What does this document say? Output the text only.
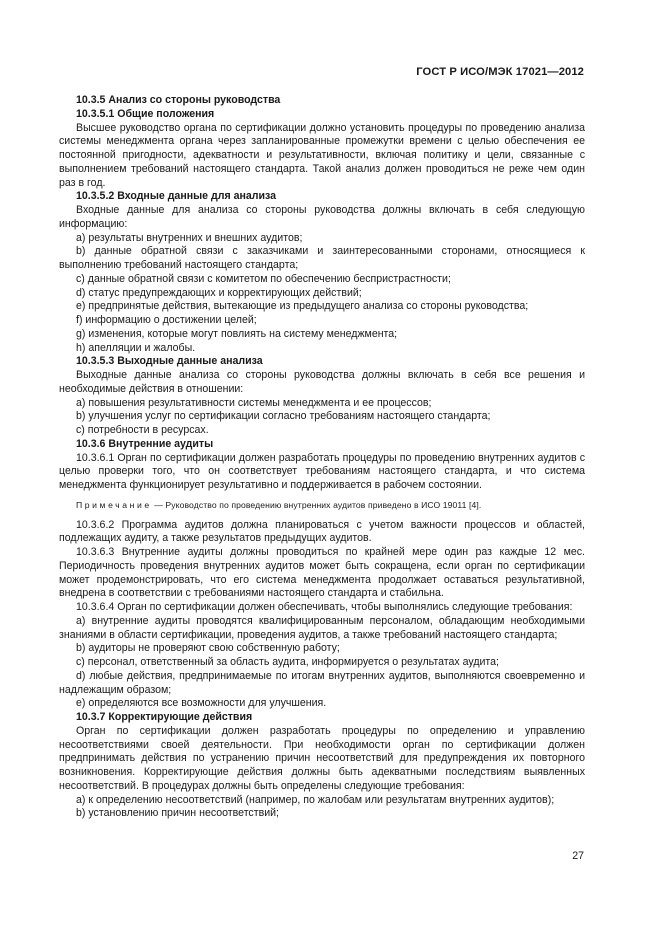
ГОСТ Р ИСО/МЭК 17021—2012

10.3.5 Анализ со стороны руководства

10.3.5.1 Общие положения

Высшее руководство органа по сертификации должно установить процедуры по проведению анализа системы менеджмента органа через запланированные промежутки времени с целью обеспечения ее постоянной пригодности, адекватности и результативности, включая политику и цели, связанные с выполнением требований настоящего стандарта. Такой анализ должен проводиться не реже чем один раз в год.

10.3.5.2 Входные данные для анализа

Входные данные для анализа со стороны руководства должны включать в себя следующую информацию:

a) результаты внутренних и внешних аудитов;

b) данные обратной связи с заказчиками и заинтересованными сторонами, относящиеся к выполнению требований настоящего стандарта;

c) данные обратной связи с комитетом по обеспечению беспристрастности;

d) статус предупреждающих и корректирующих действий;

e) предпринятые действия, вытекающие из предыдущего анализа со стороны руководства;

f) информацию о достижении целей;

g) изменения, которые могут повлиять на систему менеджмента;

h) апелляции и жалобы.

10.3.5.3 Выходные данные анализа

Выходные данные анализа со стороны руководства должны включать в себя все решения и необходимые действия в отношении:

a) повышения результативности системы менеджмента и ее процессов;

b) улучшения услуг по сертификации согласно требованиям настоящего стандарта;

c) потребности в ресурсах.

10.3.6 Внутренние аудиты

10.3.6.1 Орган по сертификации должен разработать процедуры по проведению внутренних аудитов с целью проверки того, что он соответствует требованиям настоящего стандарта, и что система менеджмента функционирует результативно и поддерживается в рабочем состоянии.

Примечание — Руководство по проведению внутренних аудитов приведено в ИСО 19011 [4].

10.3.6.2 Программа аудитов должна планироваться с учетом важности процессов и областей, подлежащих аудиту, а также результатов предыдущих аудитов.

10.3.6.3 Внутренние аудиты должны проводиться по крайней мере один раз каждые 12 мес. Периодичность проведения внутренних аудитов может быть сокращена, если орган по сертификации может продемонстрировать, что его система менеджмента продолжает оставаться результативной, внедрена в соответствии с требованиями настоящего стандарта и стабильна.

10.3.6.4 Орган по сертификации должен обеспечивать, чтобы выполнялись следующие требования:

a) внутренние аудиты проводятся квалифицированным персоналом, обладающим необходимыми знаниями в области сертификации, проведения аудитов, а также требований настоящего стандарта;

b) аудиторы не проверяют свою собственную работу;

c) персонал, ответственный за область аудита, информируется о результатах аудита;

d) любые действия, предпринимаемые по итогам внутренних аудитов, выполняются своевременно и надлежащим образом;

e) определяются все возможности для улучшения.

10.3.7 Корректирующие действия

Орган по сертификации должен разработать процедуры по определению и управлению несоответствиями своей деятельности. При необходимости орган по сертификации должен предпринимать действия по устранению причин несоответствий для предупреждения их повторного возникновения. Корректирующие действия должны быть адекватными последствиям выявленных несоответствий. В процедурах должны быть определены следующие требования:

a) к определению несоответствий (например, по жалобам или результатам внутренних аудитов);

b) установлению причин несоответствий;

27
